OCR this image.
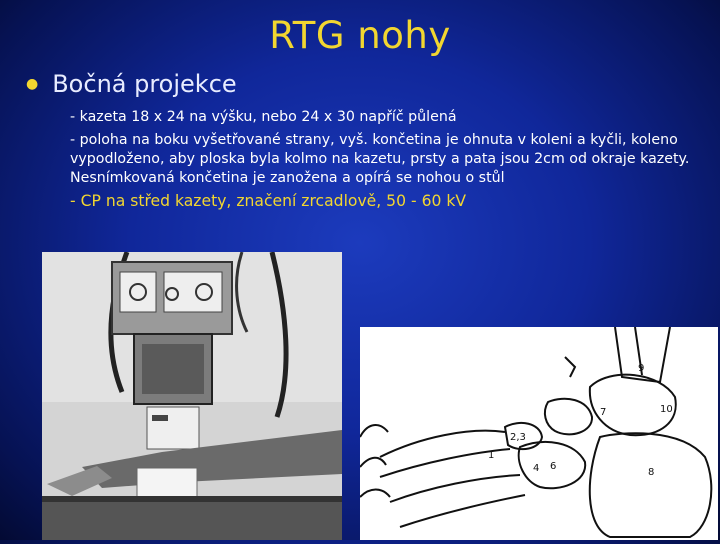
RTG nohy
● Bočná projekce

- kazeta 18 x 24 na výšku, nebo 24 x 30 napříč půlená

- poloha na boku vyšetřované strany, vyš. končetina je ohnuta v koleni a kyčli, koleno vypodloženo, aby ploska byla kolmo na kazetu, prsty a pata jsou 2cm od okraje kazety. Nesnímkovaná končetina je zanožena a opírá se nohou o stůl

- CP na střed kazety, značení zrcadlově, 50 - 60 kV

1
2,3
4 6
7
8
9
10
